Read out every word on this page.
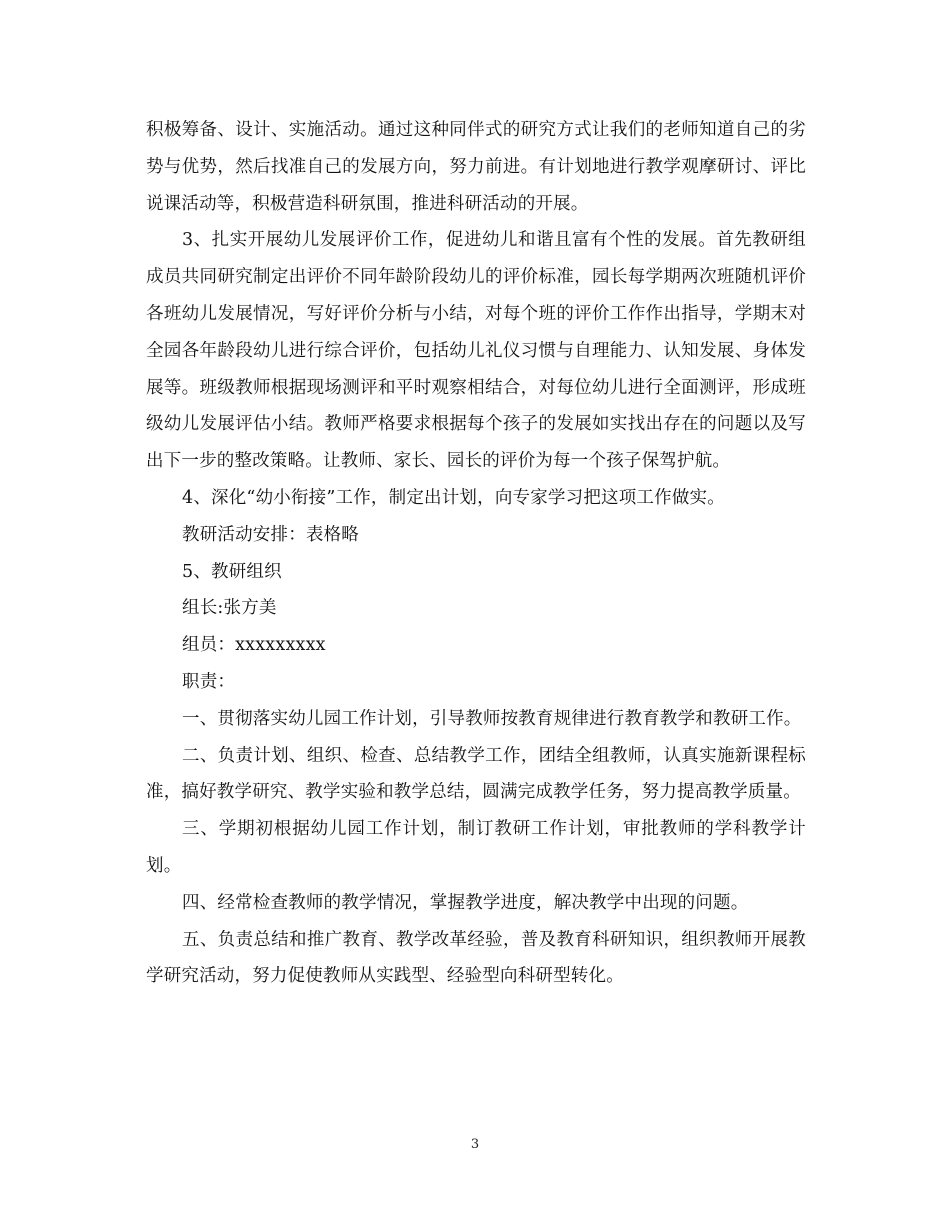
积极筹备、设计、实施活动。通过这种同伴式的研究方式让我们的老师知道自己的劣势与优势，然后找准自己的发展方向，努力前进。有计划地进行教学观摩研讨、评比说课活动等，积极营造科研氛围，推进科研活动的开展。

3、扎实开展幼儿发展评价工作，促进幼儿和谐且富有个性的发展。首先教研组成员共同研究制定出评价不同年龄阶段幼儿的评价标准，园长每学期两次班随机评价各班幼儿发展情况，写好评价分析与小结，对每个班的评价工作作出指导，学期末对全园各年龄段幼儿进行综合评价，包括幼儿礼仪习惯与自理能力、认知发展、身体发展等。班级教师根据现场测评和平时观察相结合，对每位幼儿进行全面测评，形成班级幼儿发展评估小结。教师严格要求根据每个孩子的发展如实找出存在的问题以及写出下一步的整改策略。让教师、家长、园长的评价为每一个孩子保驾护航。

4、深化“幼小衔接”工作，制定出计划，向专家学习把这项工作做实。

教研活动安排：表格略

5、教研组织

组长:张方美

组员：xxxxxxxxx

职责：

一、贯彻落实幼儿园工作计划，引导教师按教育规律进行教育教学和教研工作。

二、负责计划、组织、检查、总结教学工作，团结全组教师，认真实施新课程标准，搞好教学研究、教学实验和教学总结，圆满完成教学任务，努力提高教学质量。

三、学期初根据幼儿园工作计划，制订教研工作计划，审批教师的学科教学计划。

四、经常检查教师的教学情况，掌握教学进度，解决教学中出现的问题。

五、负责总结和推广教育、教学改革经验，普及教育科研知识，组织教师开展教学研究活动，努力促使教师从实践型、经验型向科研型转化。

3
